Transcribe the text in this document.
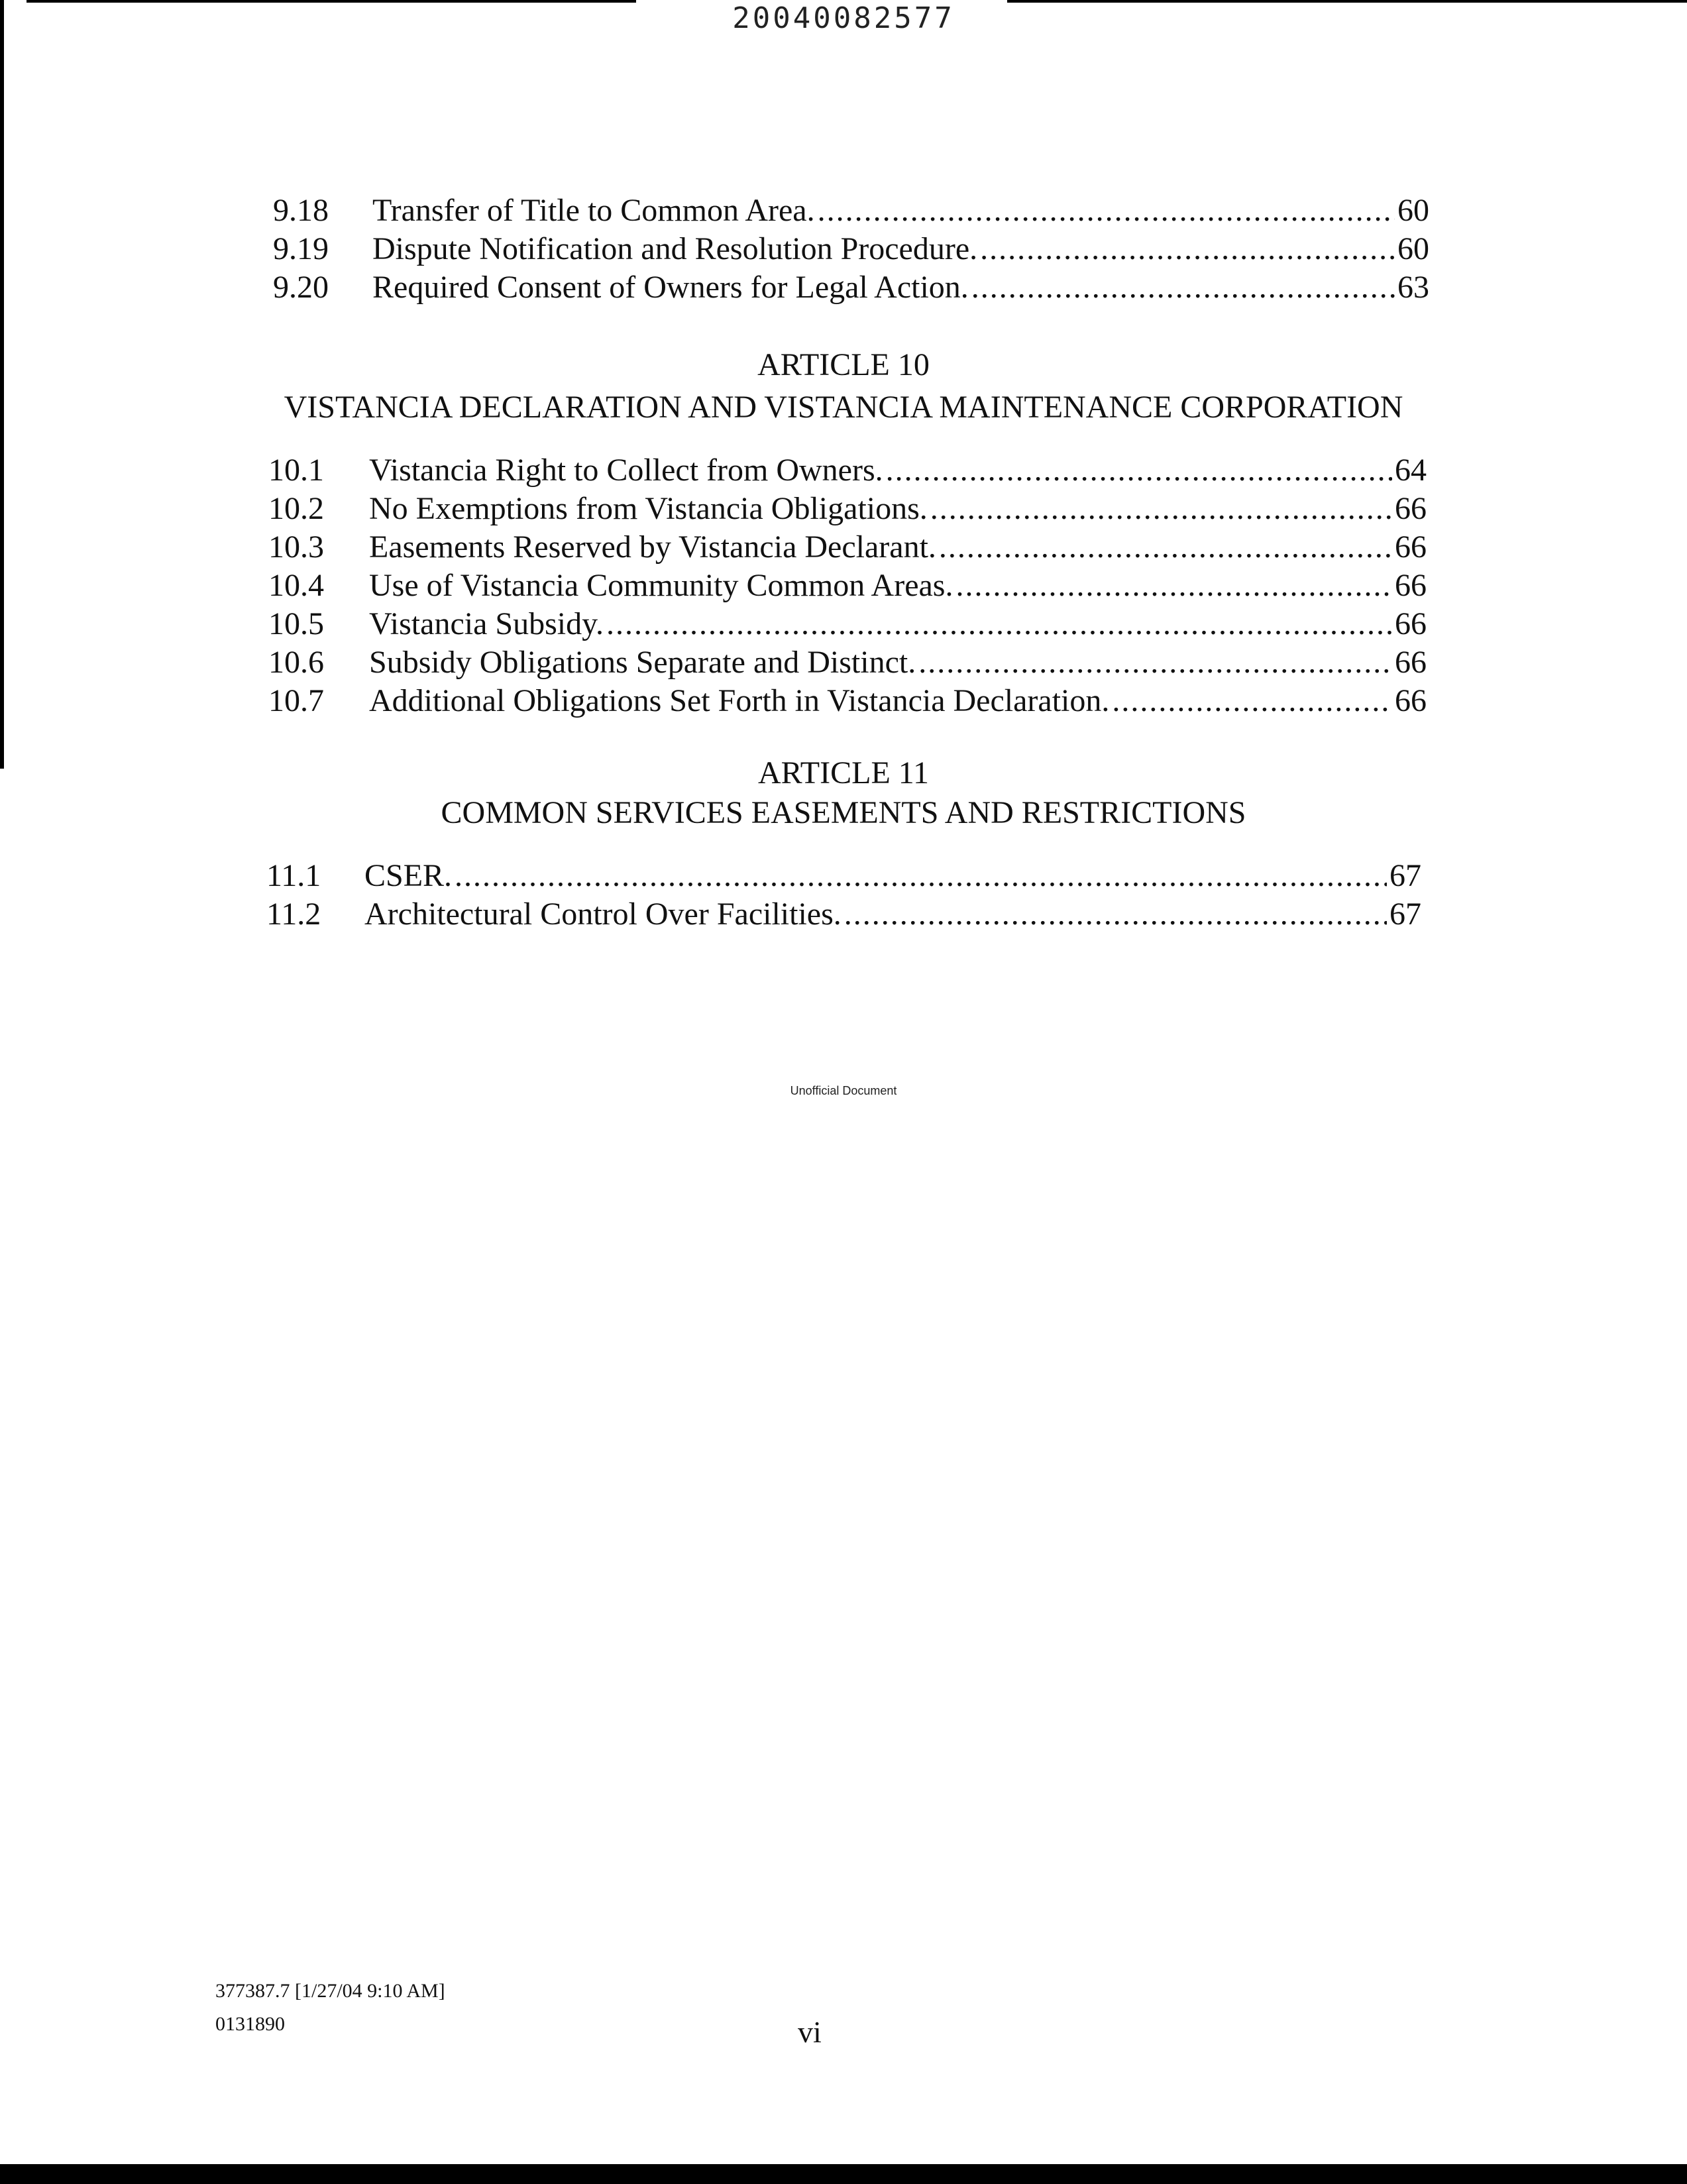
20040082577
9.18	Transfer of Title to Common Area. .....	60
9.19	Dispute Notification and Resolution Procedure. .....	60
9.20	Required Consent of Owners for Legal Action. .....	63
ARTICLE 10
VISTANCIA DECLARATION AND VISTANCIA MAINTENANCE CORPORATION
10.1	Vistancia Right to Collect from Owners. .....	64
10.2	No Exemptions from Vistancia Obligations. .....	66
10.3	Easements Reserved by Vistancia Declarant. .....	66
10.4	Use of Vistancia Community Common Areas. .....	66
10.5	Vistancia Subsidy. .....	66
10.6	Subsidy Obligations Separate and Distinct. .....	66
10.7	Additional Obligations Set Forth in Vistancia Declaration. .....	66
ARTICLE 11
COMMON SERVICES EASEMENTS AND RESTRICTIONS
11.1	CSER. .....	67
11.2	Architectural Control Over Facilities. .....	67
Unofficial Document
377387.7 [1/27/04 9:10 AM]
0131890	vi
